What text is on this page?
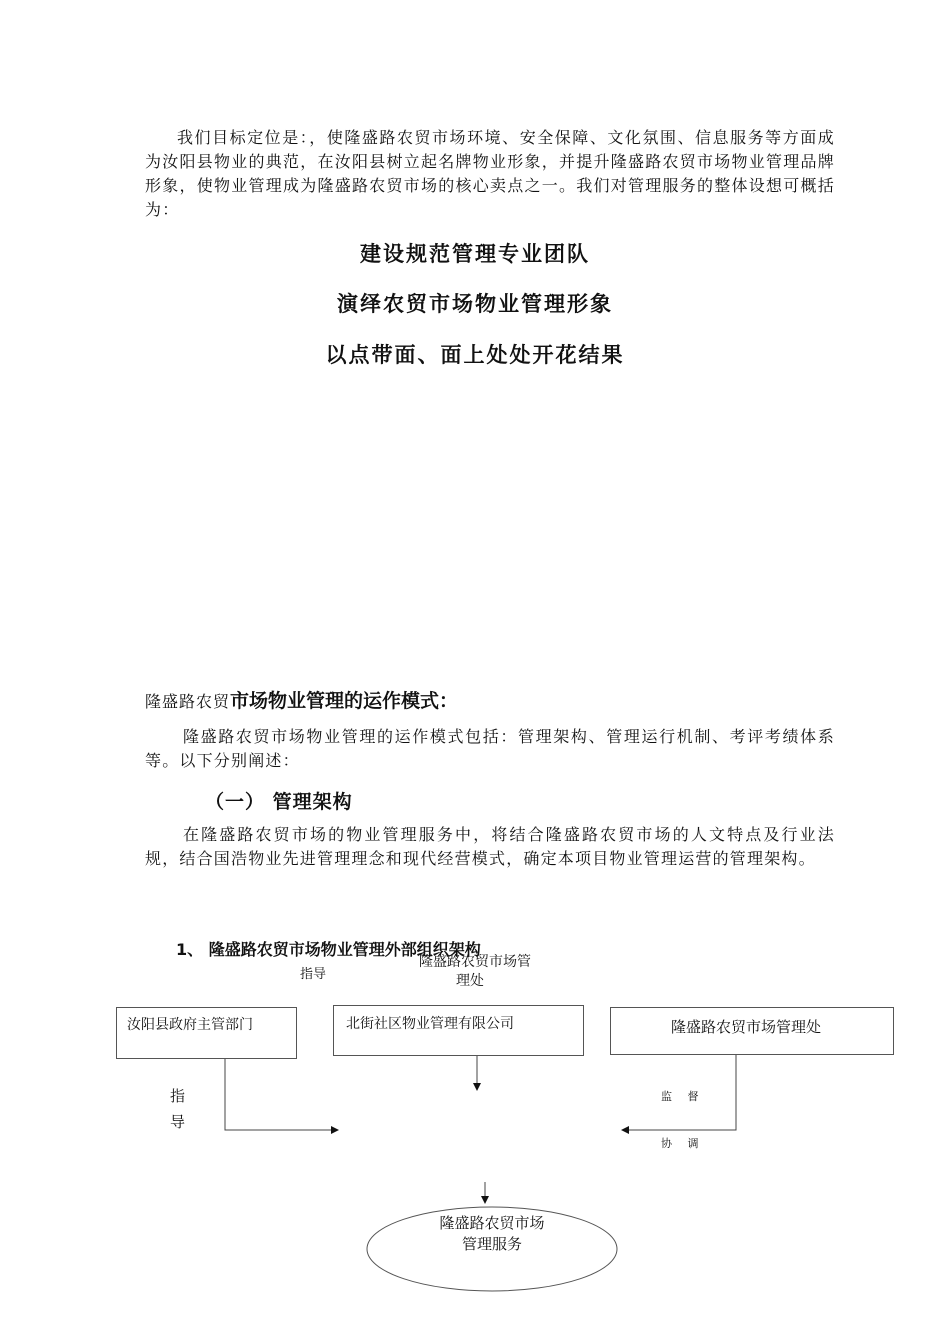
我们目标定位是：，使隆盛路农贸市场环境、安全保障、文化氛围、信息服务等方面成为汝阳县物业的典范，在汝阳县树立起名牌物业形象，并提升隆盛路农贸市场物业管理品牌形象，使物业管理成为隆盛路农贸市场的核心卖点之一。我们对管理服务的整体设想可概括为：
建设规范管理专业团队
演绎农贸市场物业管理形象
以点带面、面上处处开花结果
隆盛路农贸市场物业管理的运作模式：
隆盛路农贸市场物业管理的运作模式包括：管理架构、管理运行机制、考评考绩体系等。以下分别阐述：
（一） 管理架构
在隆盛路农贸市场的物业管理服务中，将结合隆盛路农贸市场的人文特点及行业法规，结合国浩物业先进管理理念和现代经营模式，确定本项目物业管理运营的管理架构。
1、 隆盛路农贸市场物业管理外部组织架构
指导
隆盛路农贸市场管
理处
汝阳县政府主管部门	北街社区物业管理有限公司	隆盛路农贸市场管理处
指
导
监 督
协 调
隆盛路农贸市场
管理服务
